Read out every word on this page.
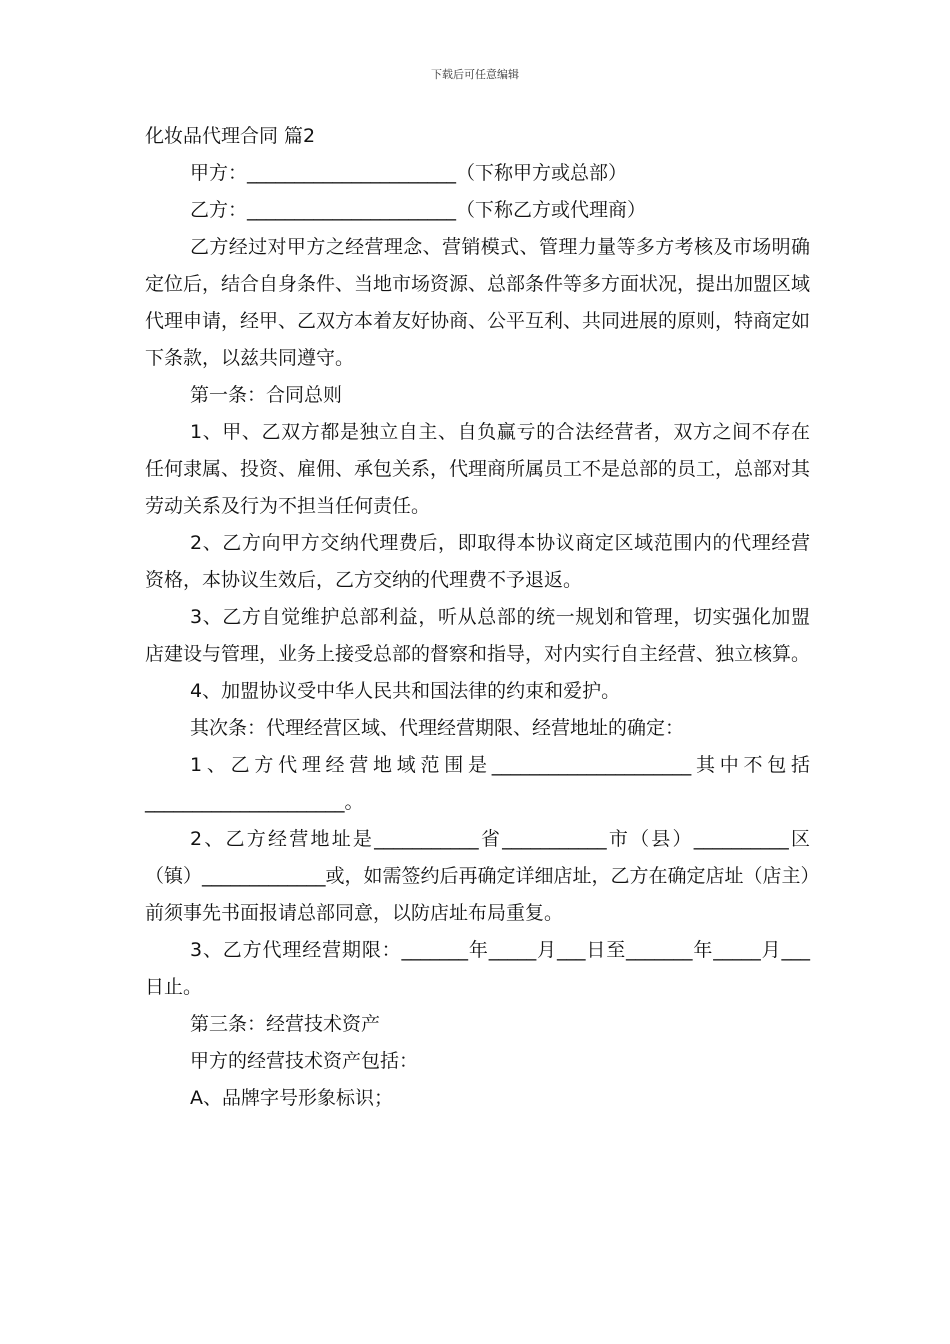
下载后可任意编辑

化妆品代理合同 篇2

甲方：______________________（下称甲方或总部）

乙方：______________________（下称乙方或代理商）

乙方经过对甲方之经营理念、营销模式、管理力量等多方考核及市场明确定位后，结合自身条件、当地市场资源、总部条件等多方面状况，提出加盟区域代理申请，经甲、乙双方本着友好协商、公平互利、共同进展的原则，特商定如下条款，以兹共同遵守。

第一条：合同总则

1、甲、乙双方都是独立自主、自负赢亏的合法经营者，双方之间不存在任何隶属、投资、雇佣、承包关系，代理商所属员工不是总部的员工，总部对其劳动关系及行为不担当任何责任。

2、乙方向甲方交纳代理费后，即取得本协议商定区域范围内的代理经营资格，本协议生效后，乙方交纳的代理费不予退返。

3、乙方自觉维护总部利益，听从总部的统一规划和管理，切实强化加盟店建设与管理，业务上接受总部的督察和指导，对内实行自主经营、独立核算。

4、加盟协议受中华人民共和国法律的约束和爱护。

其次条：代理经营区域、代理经营期限、经营地址的确定：

1、乙方代理经营地域范围是_____________________其中不包括_____________________。

2、乙方经营地址是___________省___________市（县）__________区（镇）_____________或，如需签约后再确定详细店址，乙方在确定店址（店主）前须事先书面报请总部同意，以防店址布局重复。

3、乙方代理经营期限：_______年_____月___日至_______年_____月___日止。

第三条：经营技术资产

甲方的经营技术资产包括：

A、品牌字号形象标识；
